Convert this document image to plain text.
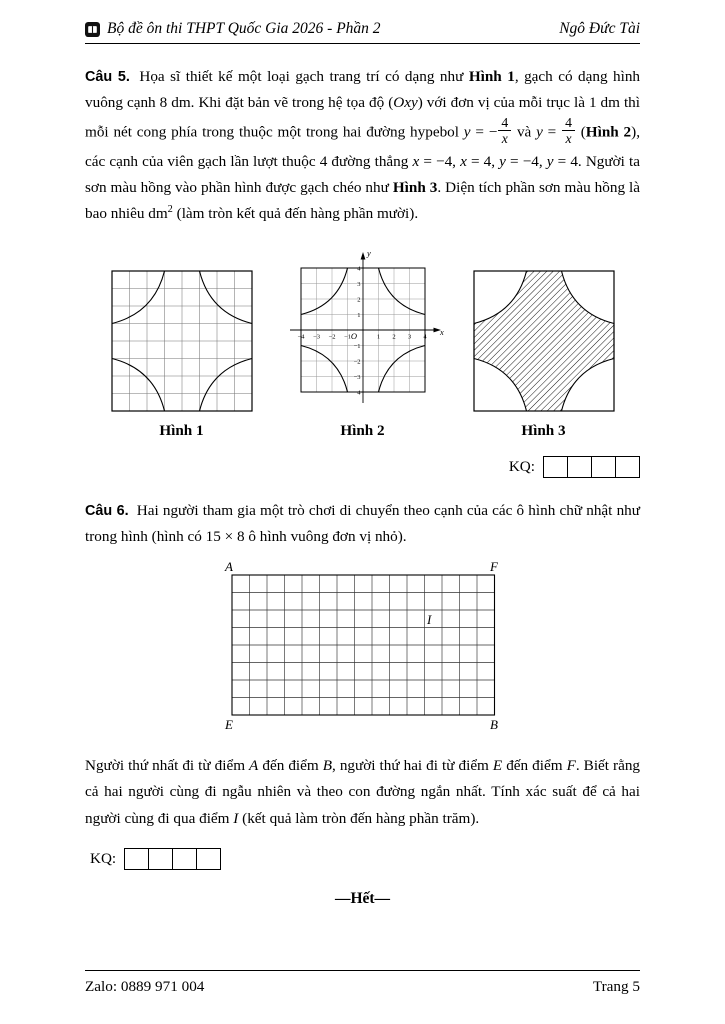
Bộ đề ôn thi THPT Quốc Gia 2026 - Phần 2	Ngô Đức Tài

Câu 5. Họa sĩ thiết kế một loại gạch trang trí có dạng như Hình 1, gạch có dạng hình vuông cạnh 8 dm. Khi đặt bản vẽ trong hệ tọa độ (Oxy) với đơn vị của mỗi trục là 1 dm thì mỗi nét cong phía trong thuộc một trong hai đường hypebol y = − $\frac{4}{x}$ và $y = \frac{4}{x}$ (Hình 2), các cạnh của viên gạch lần lượt thuộc 4 đường thẳng x = −4, x = 4, y = −4, y = 4. Người ta sơn màu hồng vào phần hình được gạch chéo như Hình 3. Diện tích phần sơn màu hồng là bao nhiêu $dm^2$ (làm tròn kết quả đến hàng phần mười).

Hình 1
−4 −3 −2 −1	1 2 3 4
4
3
2
1
−1
−2
−3
−4
O	x
y
Hình 2	Hình 3
KQ:

Câu 6. Hai người tham gia một trò chơi di chuyển theo cạnh của các ô hình chữ nhật như trong hình (hình có 15 × 8 ô hình vuông đơn vị nhỏ).

A	F
E	B
I

Người thứ nhất đi từ điểm A đến điểm B, người thứ hai đi từ điểm E đến điểm F. Biết rằng cả hai người cùng đi ngẫu nhiên và theo con đường ngắn nhất. Tính xác suất để cả hai người cùng đi qua điểm I (kết quả làm tròn đến hàng phần trăm).

KQ:
—Hết—
Zalo: 0889 971 004	Trang 5
